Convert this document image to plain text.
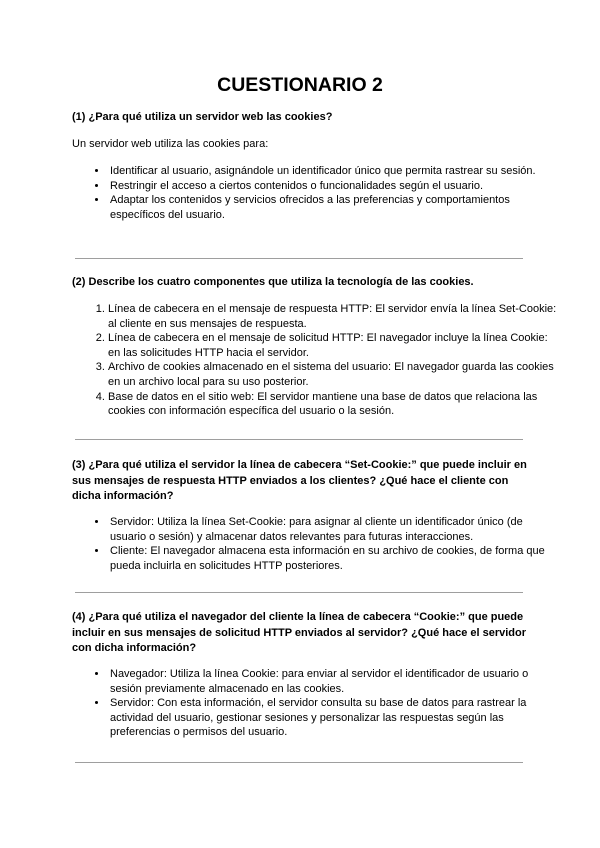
CUESTIONARIO 2

(1) ¿Para qué utiliza un servidor web las cookies?

Un servidor web utiliza las cookies para:

• Identificar al usuario, asignándole un identificador único que permita rastrear su sesión.
• Restringir el acceso a ciertos contenidos o funcionalidades según el usuario.
• Adaptar los contenidos y servicios ofrecidos a las preferencias y comportamientos específicos del usuario.

(2) Describe los cuatro componentes que utiliza la tecnología de las cookies.

1. Línea de cabecera en el mensaje de respuesta HTTP: El servidor envía la línea Set-Cookie: al cliente en sus mensajes de respuesta.
2. Línea de cabecera en el mensaje de solicitud HTTP: El navegador incluye la línea Cookie: en las solicitudes HTTP hacia el servidor.
3. Archivo de cookies almacenado en el sistema del usuario: El navegador guarda las cookies en un archivo local para su uso posterior.
4. Base de datos en el sitio web: El servidor mantiene una base de datos que relaciona las cookies con información específica del usuario o la sesión.

(3) ¿Para qué utiliza el servidor la línea de cabecera “Set-Cookie:” que puede incluir en sus mensajes de respuesta HTTP enviados a los clientes? ¿Qué hace el cliente con dicha información?

• Servidor: Utiliza la línea Set-Cookie: para asignar al cliente un identificador único (de usuario o sesión) y almacenar datos relevantes para futuras interacciones.
• Cliente: El navegador almacena esta información en su archivo de cookies, de forma que pueda incluirla en solicitudes HTTP posteriores.

(4) ¿Para qué utiliza el navegador del cliente la línea de cabecera “Cookie:” que puede incluir en sus mensajes de solicitud HTTP enviados al servidor? ¿Qué hace el servidor con dicha información?

• Navegador: Utiliza la línea Cookie: para enviar al servidor el identificador de usuario o sesión previamente almacenado en las cookies.
• Servidor: Con esta información, el servidor consulta su base de datos para rastrear la actividad del usuario, gestionar sesiones y personalizar las respuestas según las preferencias o permisos del usuario.
